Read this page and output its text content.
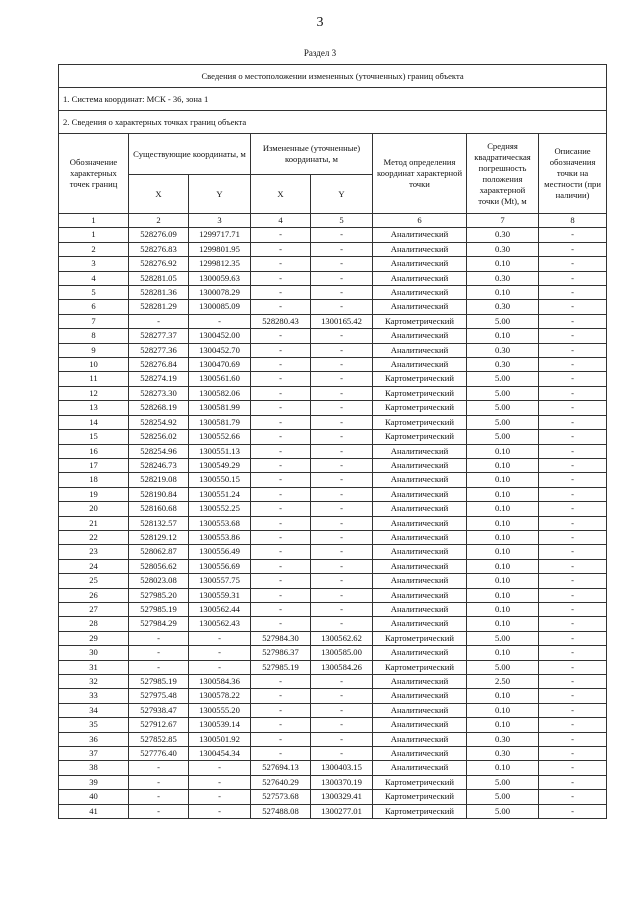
3
Раздел 3
Сведения о местоположении измененных (уточненных) границ объекта							
1. Система координат: МСК - 36, зона 1							
2. Сведения о характерных точках границ объекта							
Обозначение характерных точек границ	Существующие координаты, м		Измененные (уточненные) координаты, м		Метод определения координат характерной точки	Средняя квадратическая погрешность положения характерной точки (Mt), м	Описание обозначения точки на местности (при наличии)
	X	Y	X	Y			
1	2	3	4	5	6	7	8
1	528276.09	1299717.71	-	-	Аналитический	0.30	-
2	528276.83	1299801.95	-	-	Аналитический	0.30	-
3	528276.92	1299812.35	-	-	Аналитический	0.10	-
4	528281.05	1300059.63	-	-	Аналитический	0.30	-
5	528281.36	1300078.29	-	-	Аналитический	0.10	-
6	528281.29	1300085.09	-	-	Аналитический	0.30	-
7	-	-	528280.43	1300165.42	Картометрический	5.00	-
8	528277.37	1300452.00	-	-	Аналитический	0.10	-
9	528277.36	1300452.70	-	-	Аналитический	0.30	-
10	528276.84	1300470.69	-	-	Аналитический	0.30	-
11	528274.19	1300561.60	-	-	Картометрический	5.00	-
12	528273.30	1300582.06	-	-	Картометрический	5.00	-
13	528268.19	1300581.99	-	-	Картометрический	5.00	-
14	528254.92	1300581.79	-	-	Картометрический	5.00	-
15	528256.02	1300552.66	-	-	Картометрический	5.00	-
16	528254.96	1300551.13	-	-	Аналитический	0.10	-
17	528246.73	1300549.29	-	-	Аналитический	0.10	-
18	528219.08	1300550.15	-	-	Аналитический	0.10	-
19	528190.84	1300551.24	-	-	Аналитический	0.10	-
20	528160.68	1300552.25	-	-	Аналитический	0.10	-
21	528132.57	1300553.68	-	-	Аналитический	0.10	-
22	528129.12	1300553.86	-	-	Аналитический	0.10	-
23	528062.87	1300556.49	-	-	Аналитический	0.10	-
24	528056.62	1300556.69	-	-	Аналитический	0.10	-
25	528023.08	1300557.75	-	-	Аналитический	0.10	-
26	527985.20	1300559.31	-	-	Аналитический	0.10	-
27	527985.19	1300562.44	-	-	Аналитический	0.10	-
28	527984.29	1300562.43	-	-	Аналитический	0.10	-
29	-	-	527984.30	1300562.62	Картометрический	5.00	-
30	-	-	527986.37	1300585.00	Аналитический	0.10	-
31	-	-	527985.19	1300584.26	Картометрический	5.00	-
32	527985.19	1300584.36	-	-	Аналитический	2.50	-
33	527975.48	1300578.22	-	-	Аналитический	0.10	-
34	527938.47	1300555.20	-	-	Аналитический	0.10	-
35	527912.67	1300539.14	-	-	Аналитический	0.10	-
36	527852.85	1300501.92	-	-	Аналитический	0.30	-
37	527776.40	1300454.34	-	-	Аналитический	0.30	-
38	-	-	527694.13	1300403.15	Аналитический	0.10	-
39	-	-	527640.29	1300370.19	Картометрический	5.00	-
40	-	-	527573.68	1300329.41	Картометрический	5.00	-
41	-	-	527488.08	1300277.01	Картометрический	5.00	-
